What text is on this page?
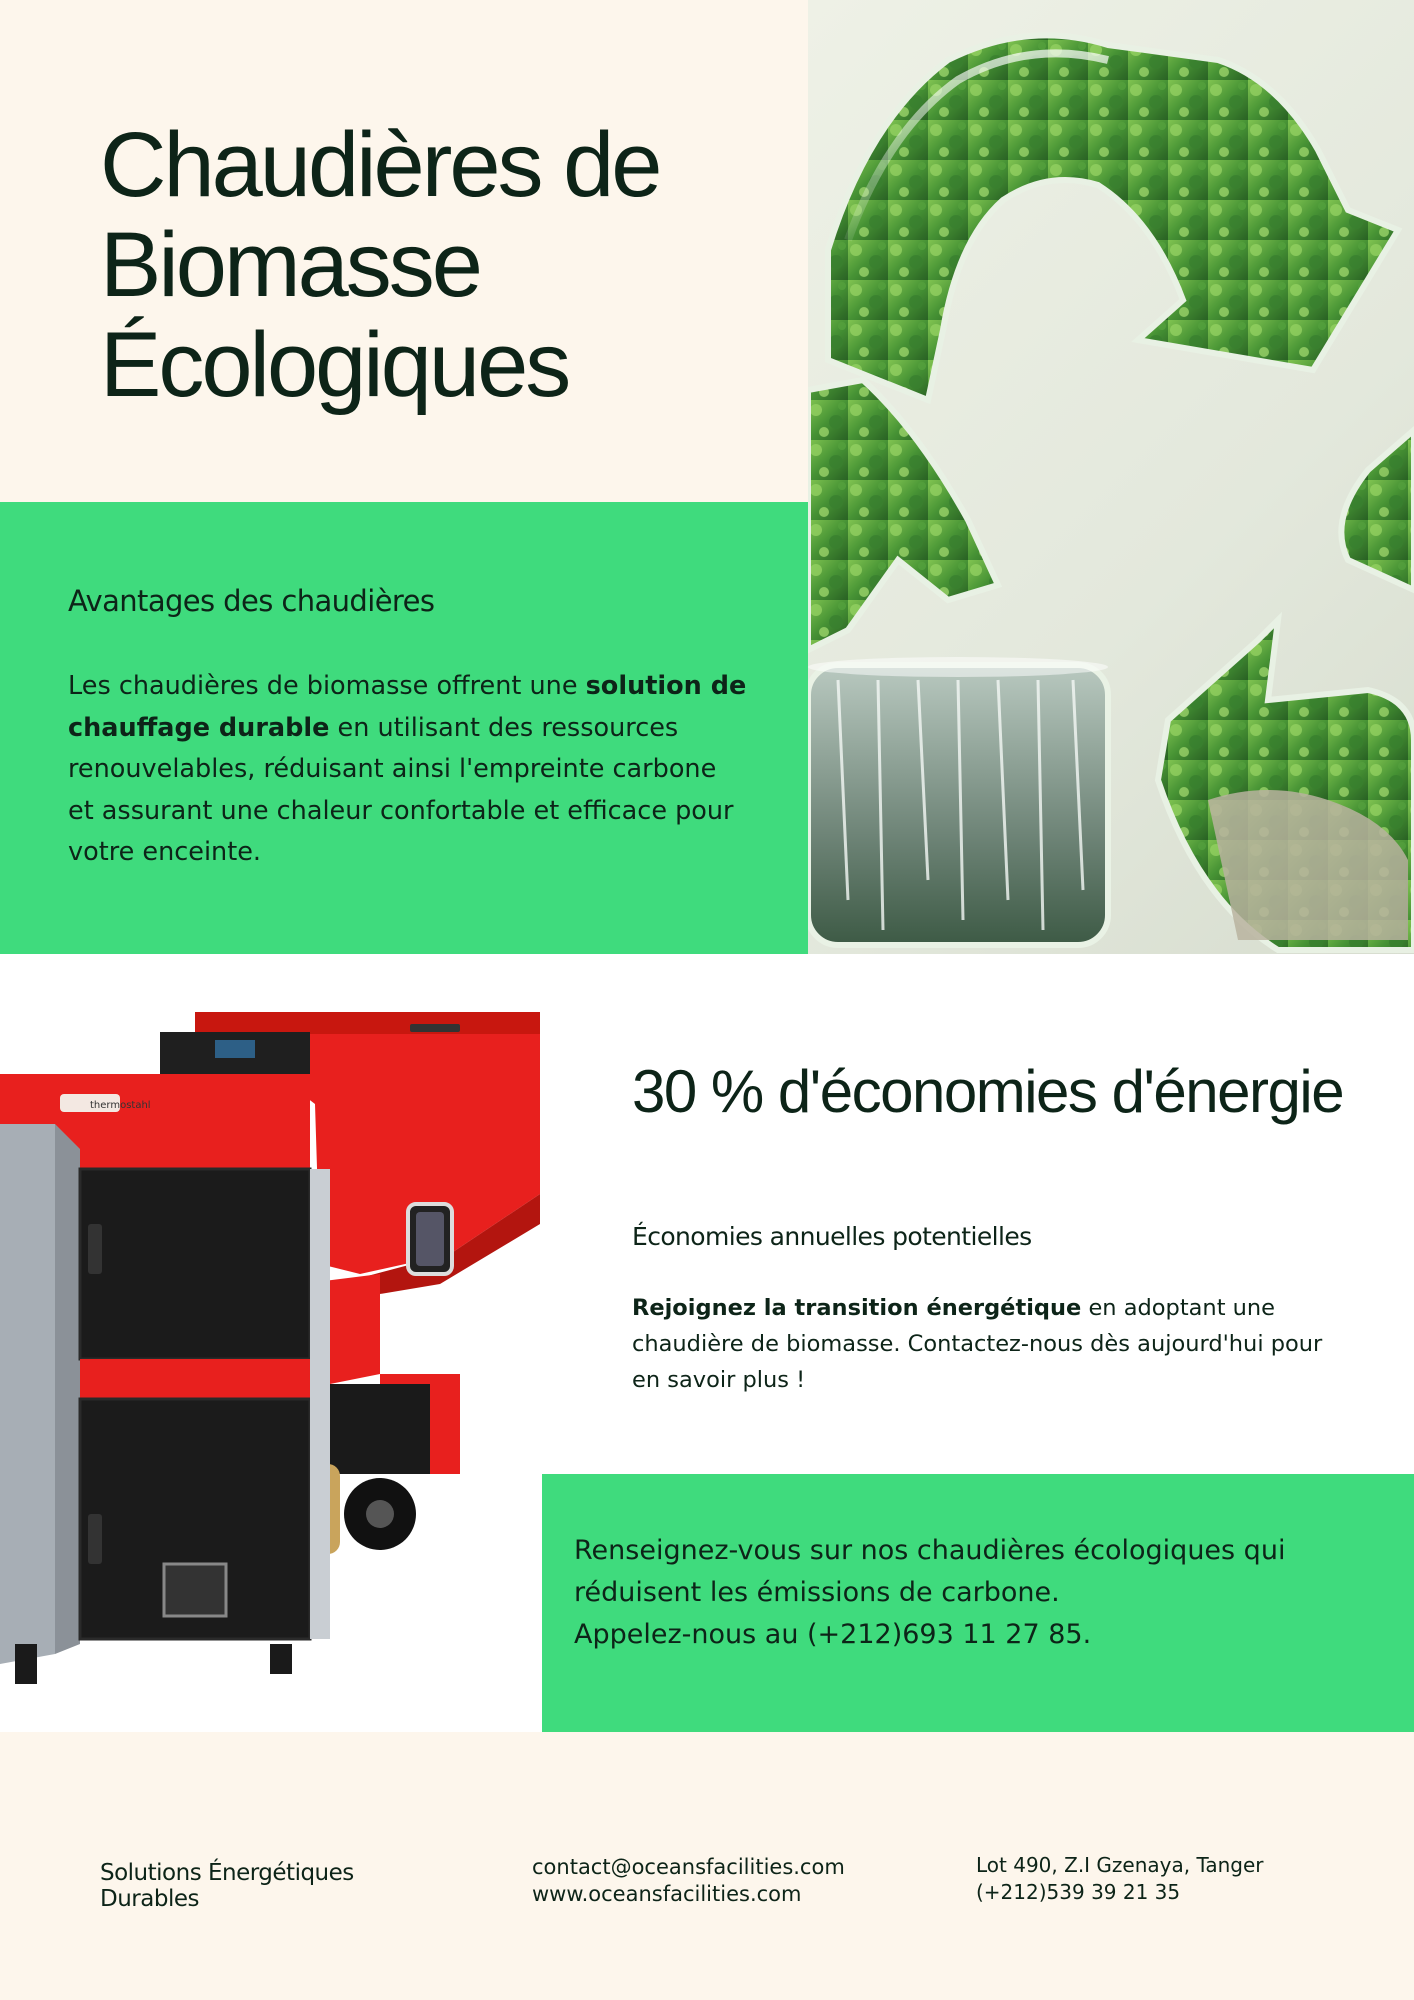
Chaudières de
Biomasse
Écologiques
Avantages des chaudières
Les chaudières de biomasse offrent une solution de chauffage durable en utilisant des ressources renouvelables, réduisant ainsi l'empreinte carbone et assurant une chaleur confortable et efficace pour votre enceinte.
thermostahl	30 % d'économies d'énergie
Économies annuelles potentielles
Rejoignez la transition énergétique en adoptant une chaudière de biomasse. Contactez-nous dès aujourd'hui pour en savoir plus !
Renseignez-vous sur nos chaudières écologiques qui
réduisent les émissions de carbone.
Appelez-nous au (+212)693 11 27 85.
Solutions Énergétiques
Durables
contact@oceansfacilities.com
www.oceansfacilities.com
Lot 490, Z.I Gzenaya, Tanger
(+212)539 39 21 35
